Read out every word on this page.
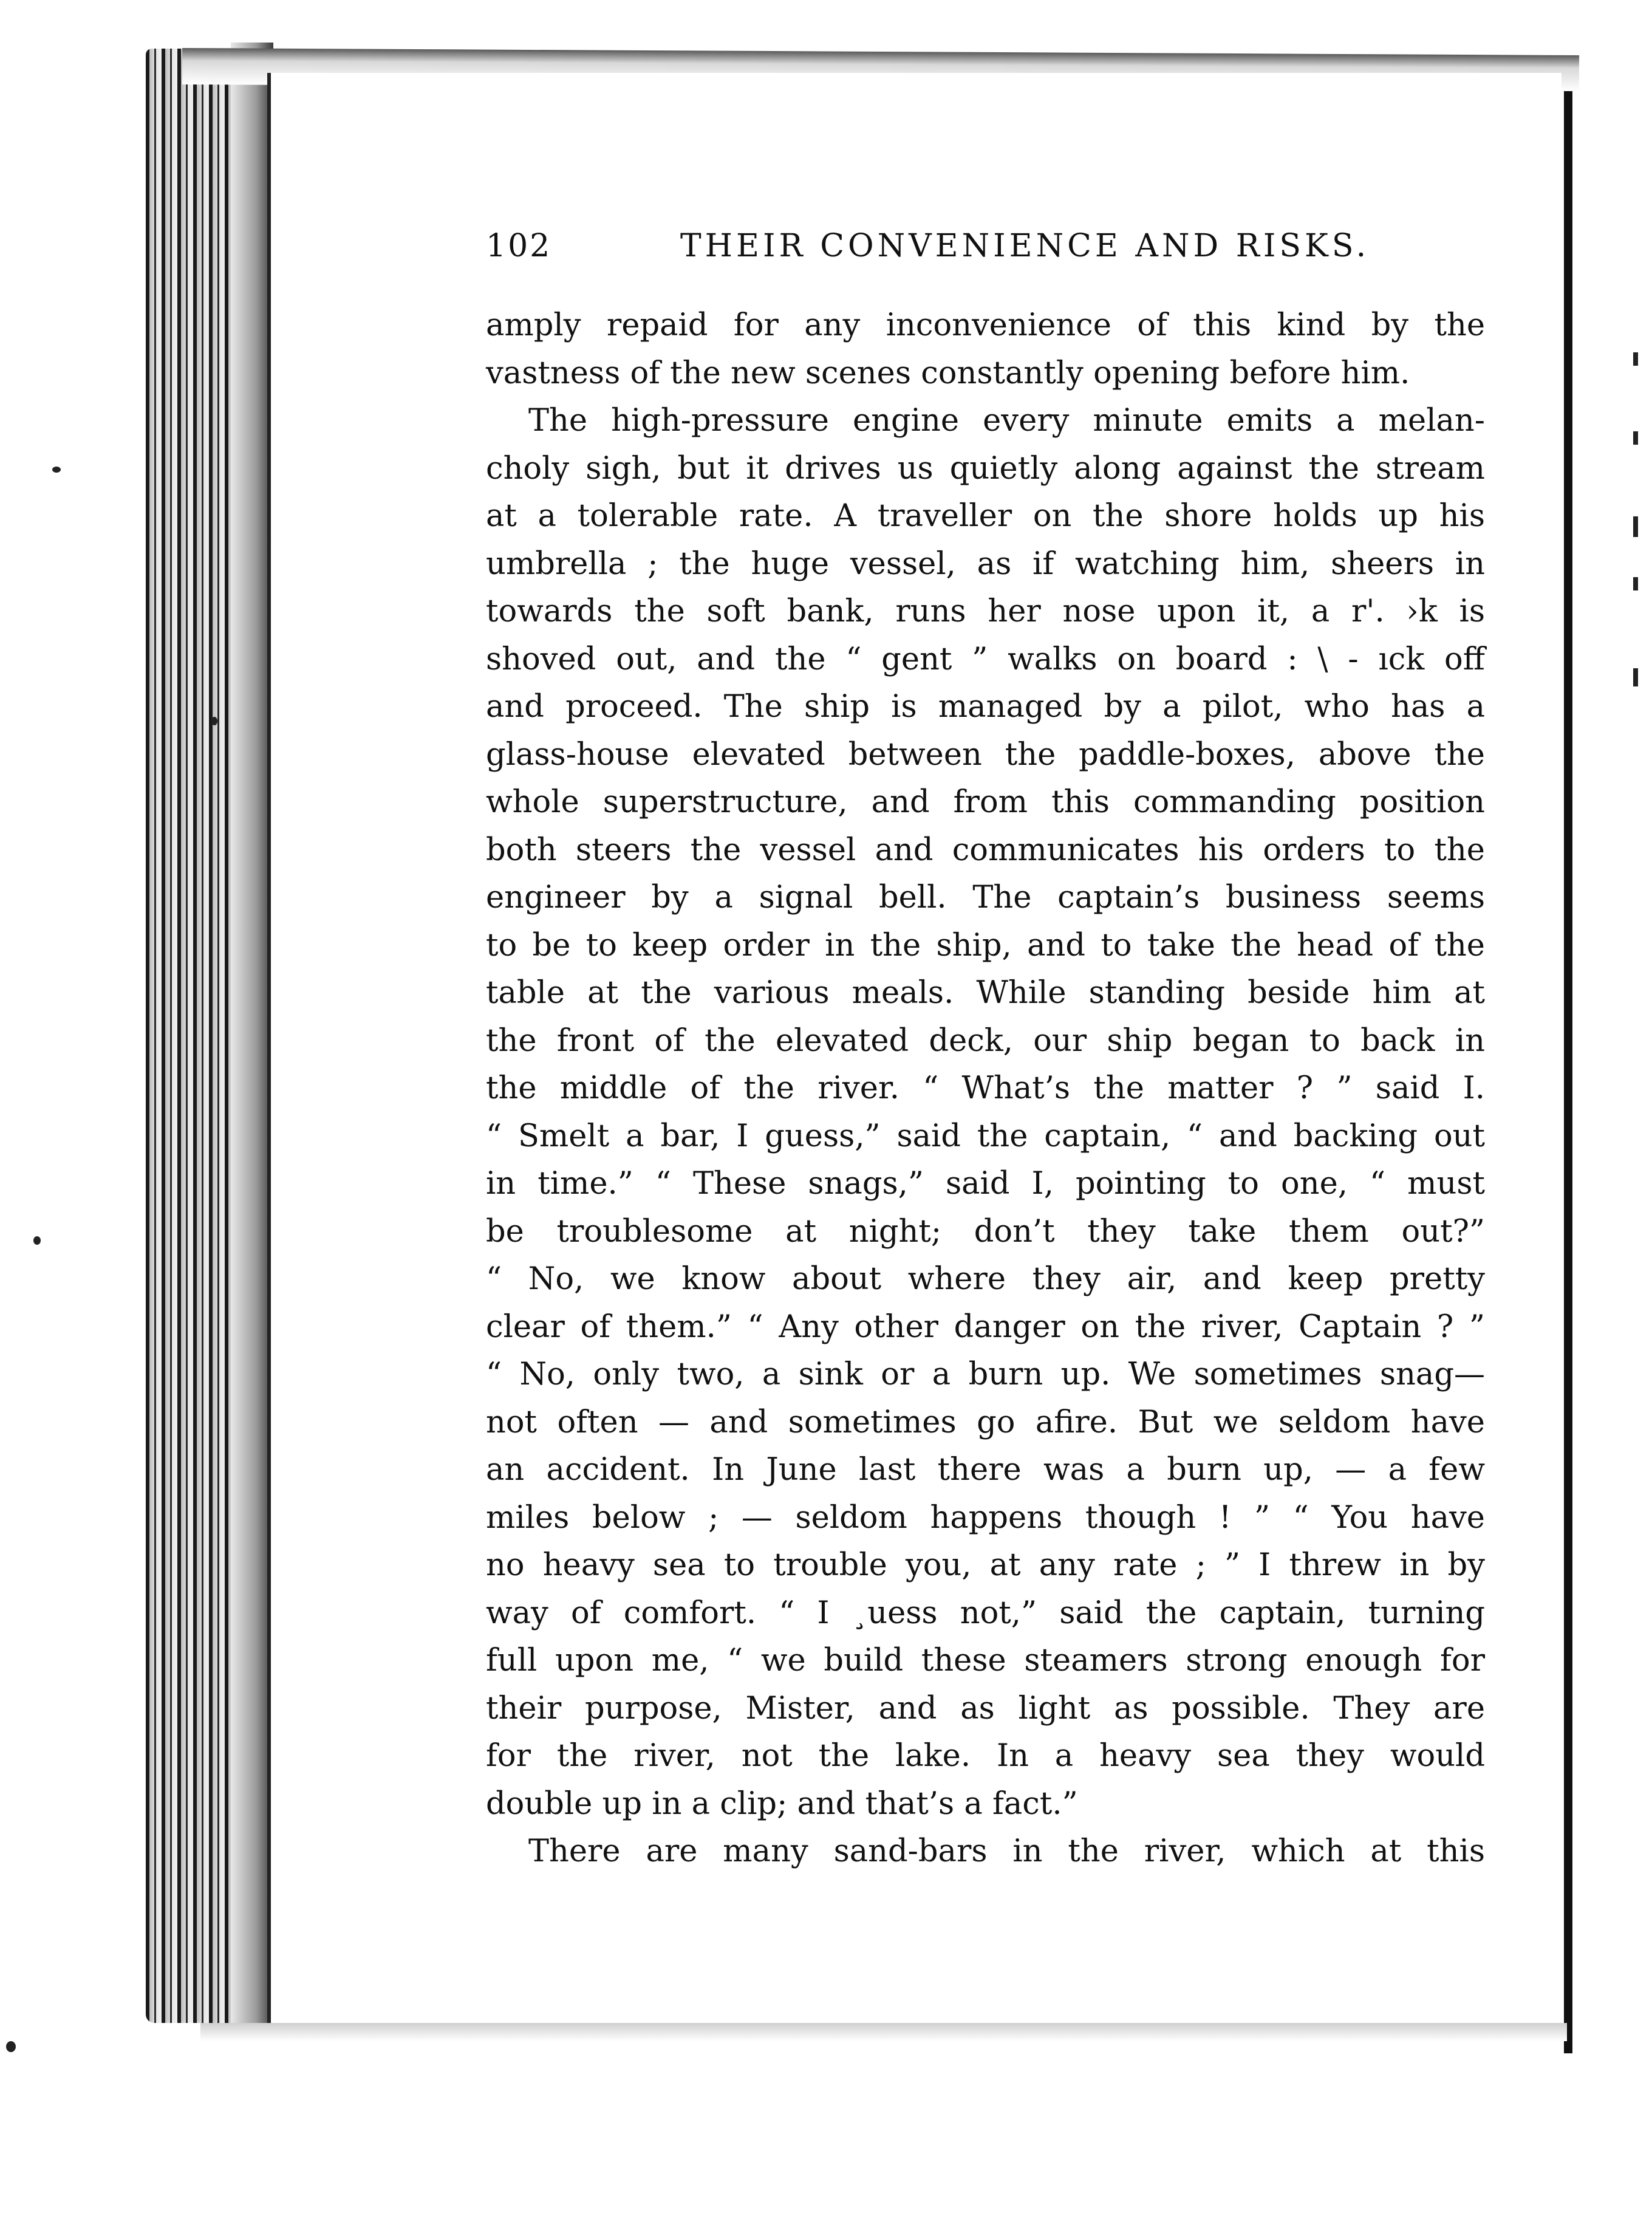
102	THEIR CONVENIENCE AND RISKS.

amply repaid for any inconvenience of this kind by the

vastness of the new scenes constantly opening before him.

The high-pressure engine every minute emits a melan-

choly sigh, but it drives us quietly along against the stream

at a tolerable rate. A traveller on the shore holds up his

umbrella ; the huge vessel, as if watching him, sheers in

towards the soft bank, runs her nose upon it, a r'. ›k is

shoved out, and the “ gent ” walks on board : \ - ıck off

and proceed. The ship is managed by a pilot, who has a

glass-house elevated between the paddle-boxes, above the

whole superstructure, and from this commanding position

both steers the vessel and communicates his orders to the

engineer by a signal bell. The captain’s business seems

to be to keep order in the ship, and to take the head of the

table at the various meals. While standing beside him at

the front of the elevated deck, our ship began to back in

the middle of the river. “ What’s the matter ? ” said I.

“ Smelt a bar, I guess,” said the captain, “ and backing out

in time.” “ These snags,” said I, pointing to one, “ must

be troublesome at night; don’t they take them out?”

“ No, we know about where they air, and keep pretty

clear of them.” “ Any other danger on the river, Captain ? ”

“ No, only two, a sink or a burn up. We sometimes snag—

not often — and sometimes go afire. But we seldom have

an accident. In June last there was a burn up, — a few

miles below ; — seldom happens though ! ” “ You have

no heavy sea to trouble you, at any rate ; ” I threw in by

way of comfort. “ I ¸uess not,” said the captain, turning

full upon me, “ we build these steamers strong enough for

their purpose, Mister, and as light as possible. They are

for the river, not the lake. In a heavy sea they would

double up in a clip; and that’s a fact.”

There are many sand-bars in the river, which at this
